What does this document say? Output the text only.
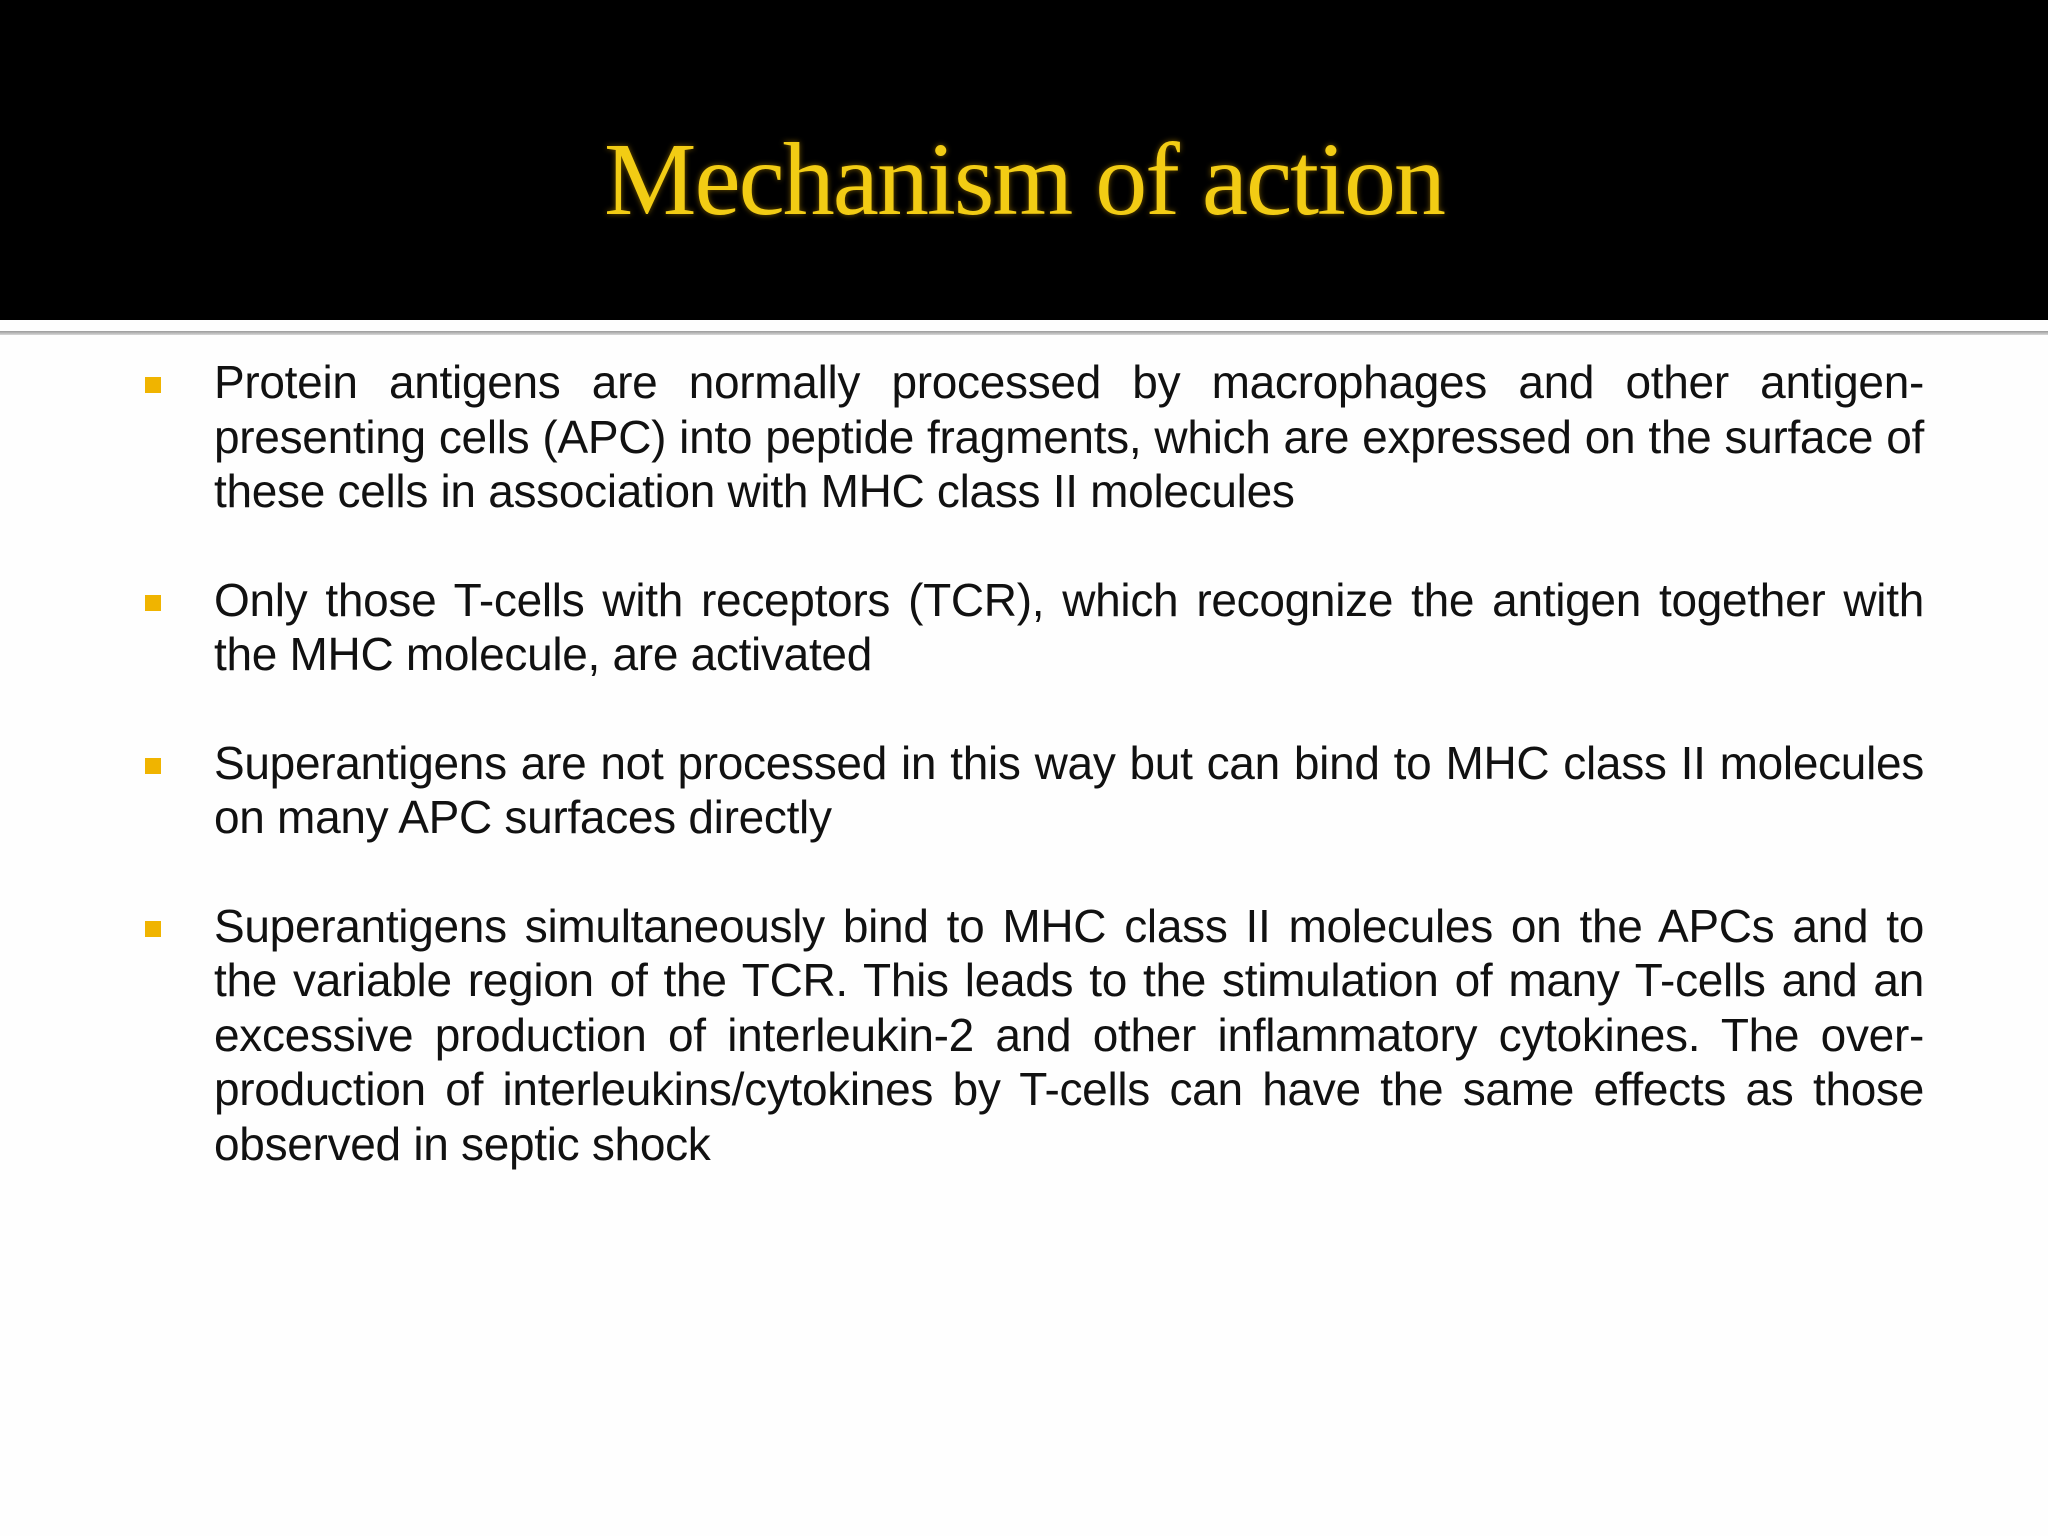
Mechanism of action
Protein antigens are normally processed by macrophages and other antigen-presenting cells (APC) into peptide fragments, which are expressed on the surface of these cells in association with MHC class II molecules
Only those T-cells with receptors (TCR), which recognize the antigen together with the MHC molecule, are activated
Superantigens are not processed in this way but can bind to MHC class II molecules on many APC surfaces directly
Superantigens simultaneously bind to MHC class II molecules on the APCs and to the variable region of the TCR. This leads to the stimulation of many T-cells and an excessive production of interleukin-2 and other inflammatory cytokines. The over-production of interleukins/cytokines by T-cells can have the same effects as those observed in septic shock
